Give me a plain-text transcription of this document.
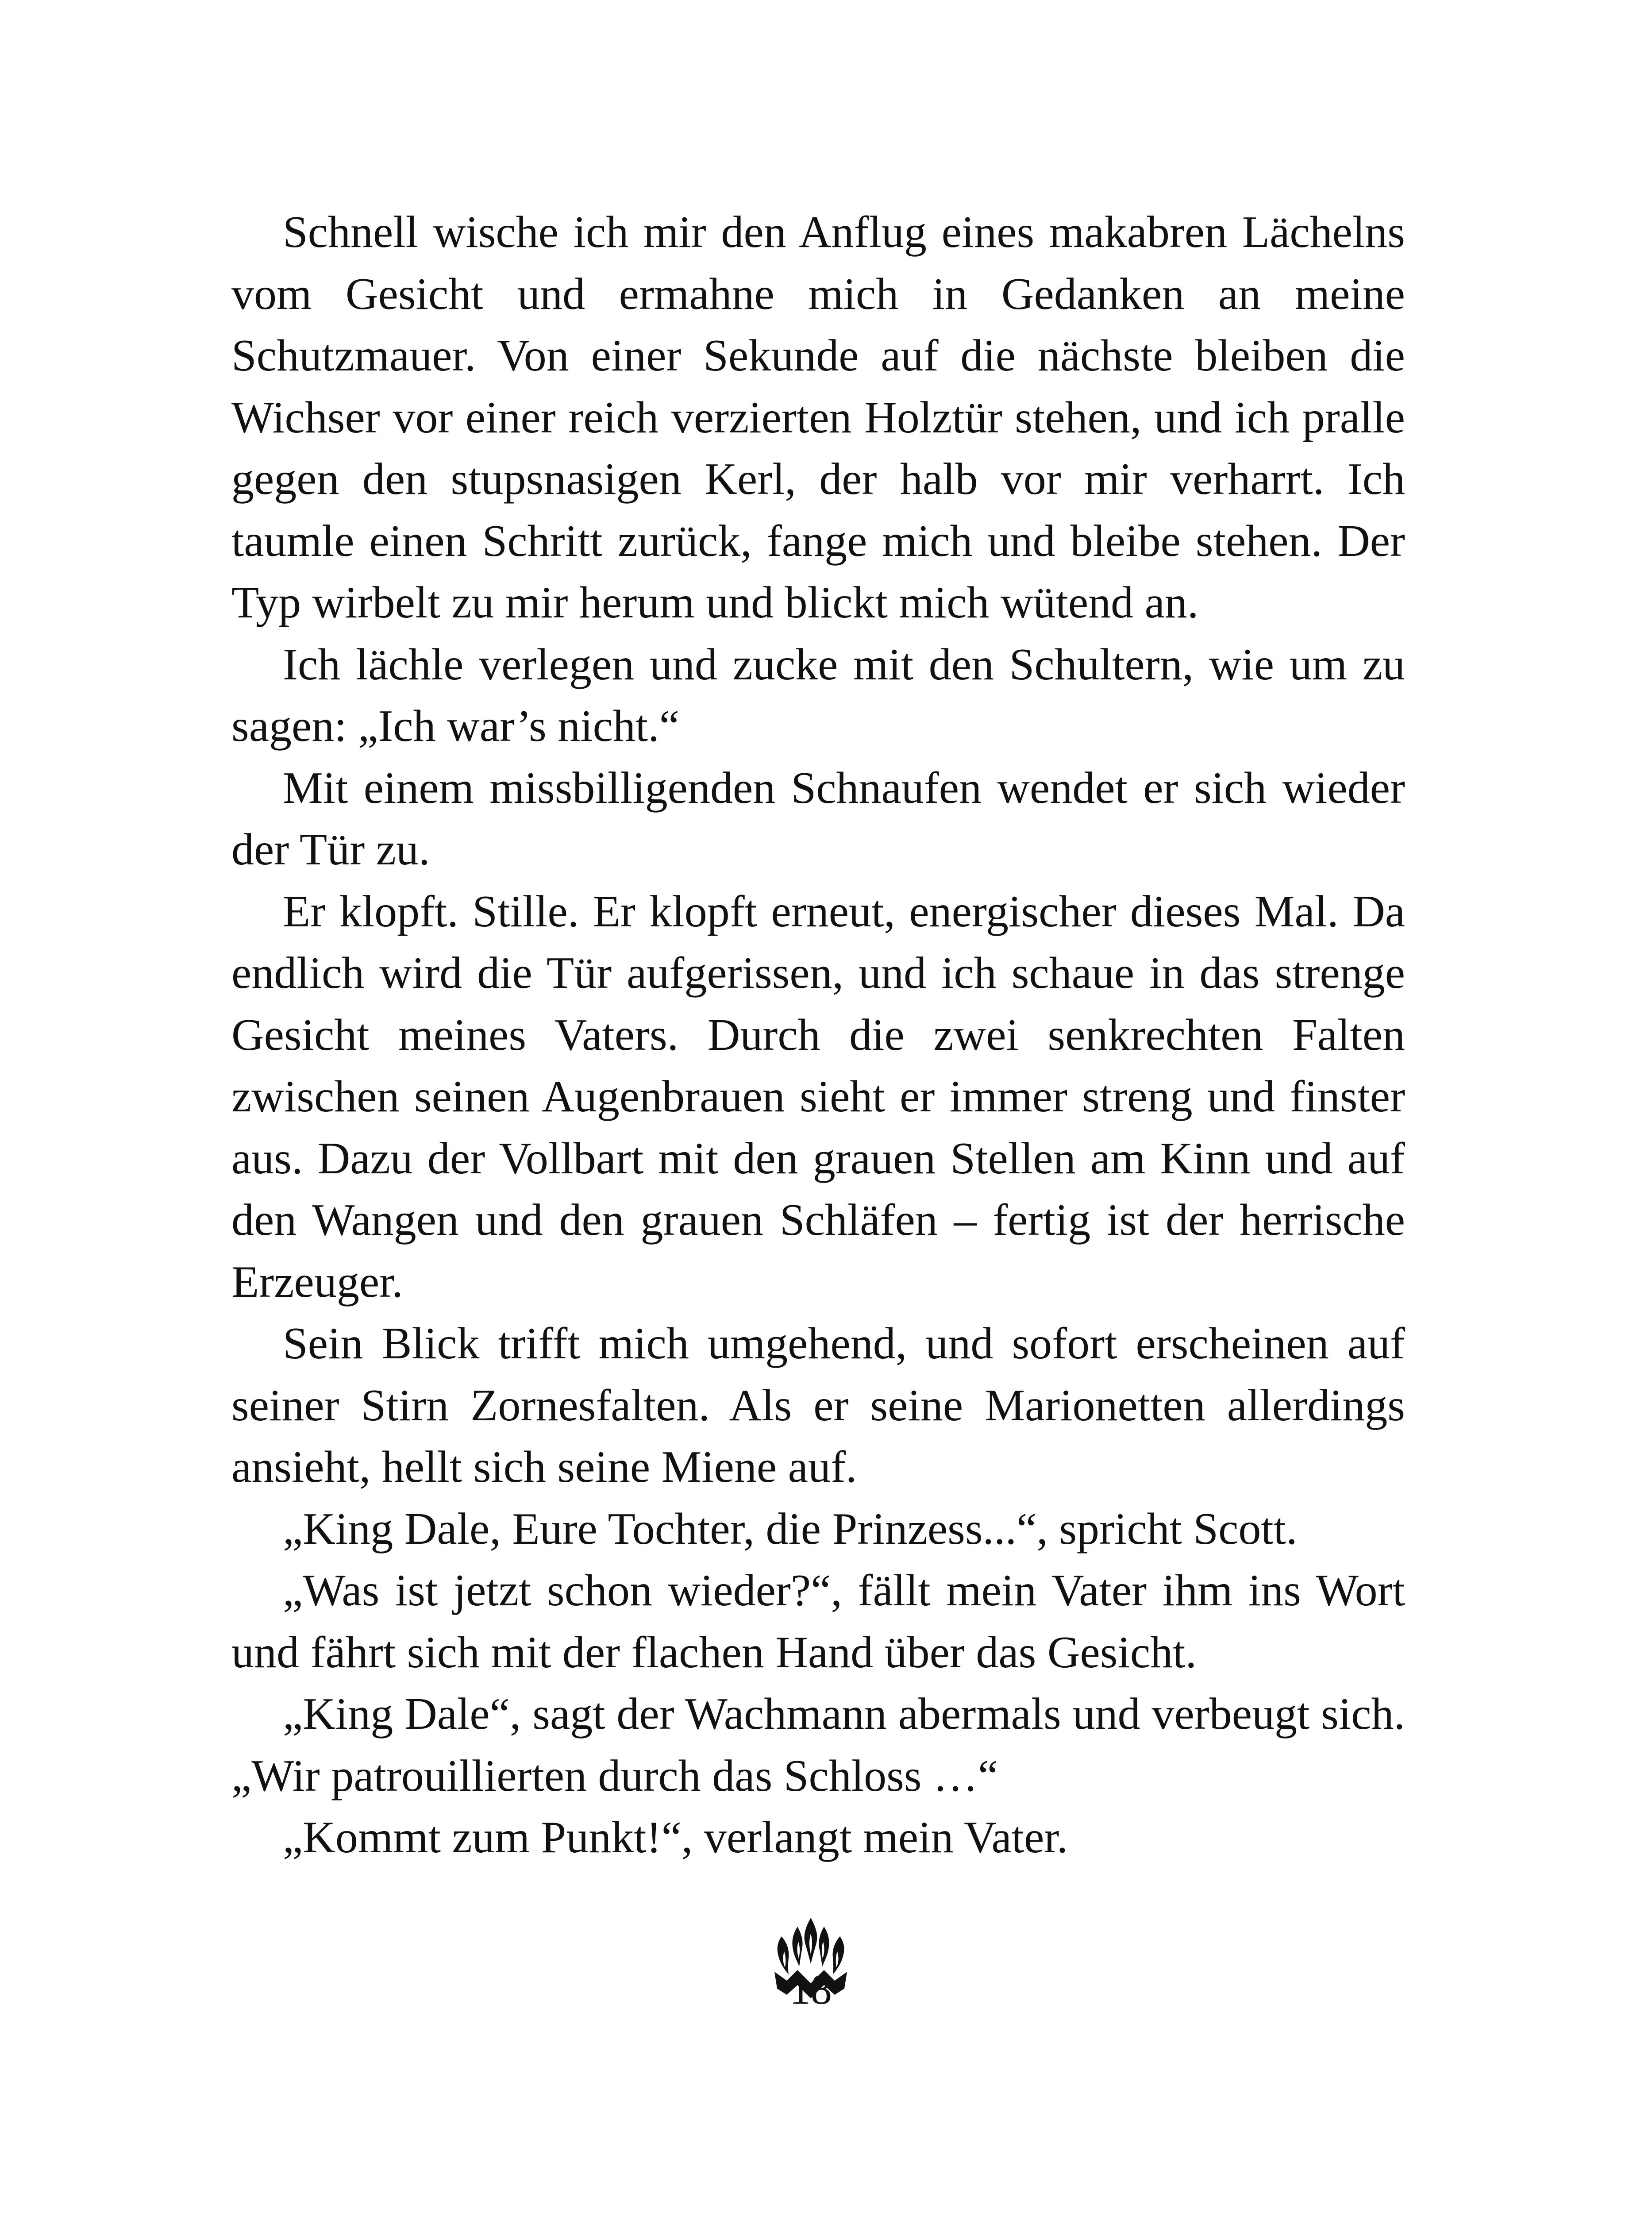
Schnell wische ich mir den Anflug eines makabren Lächelns vom Gesicht und ermahne mich in Gedanken an meine Schutzmauer. Von einer Sekunde auf die nächste bleiben die Wichser vor einer reich verzierten Holztür stehen, und ich pralle gegen den stupsnasigen Kerl, der halb vor mir verharrt. Ich taumle einen Schritt zurück, fange mich und bleibe stehen. Der Typ wirbelt zu mir herum und blickt mich wütend an.

Ich lächle verlegen und zucke mit den Schultern, wie um zu sagen: „Ich war’s nicht.“

Mit einem missbilligenden Schnaufen wendet er sich wieder der Tür zu.

Er klopft. Stille. Er klopft erneut, energischer dieses Mal. Da endlich wird die Tür aufgerissen, und ich schaue in das strenge Gesicht meines Vaters. Durch die zwei senkrechten Falten zwischen seinen Augenbrauen sieht er immer streng und finster aus. Dazu der Vollbart mit den grauen Stellen am Kinn und auf den Wangen und den grauen Schläfen – fertig ist der herrische Erzeuger.

Sein Blick trifft mich umgehend, und sofort erscheinen auf seiner Stirn Zornesfalten. Als er seine Marionetten allerdings ansieht, hellt sich seine Miene auf.

„King Dale, Eure Tochter, die Prinzess...“, spricht Scott.

„Was ist jetzt schon wieder?“, fällt mein Vater ihm ins Wort und fährt sich mit der flachen Hand über das Gesicht.

„King Dale“, sagt der Wachmann abermals und verbeugt sich. „Wir patrouillierten durch das Schloss …“

„Kommt zum Punkt!“, verlangt mein Vater.

18
